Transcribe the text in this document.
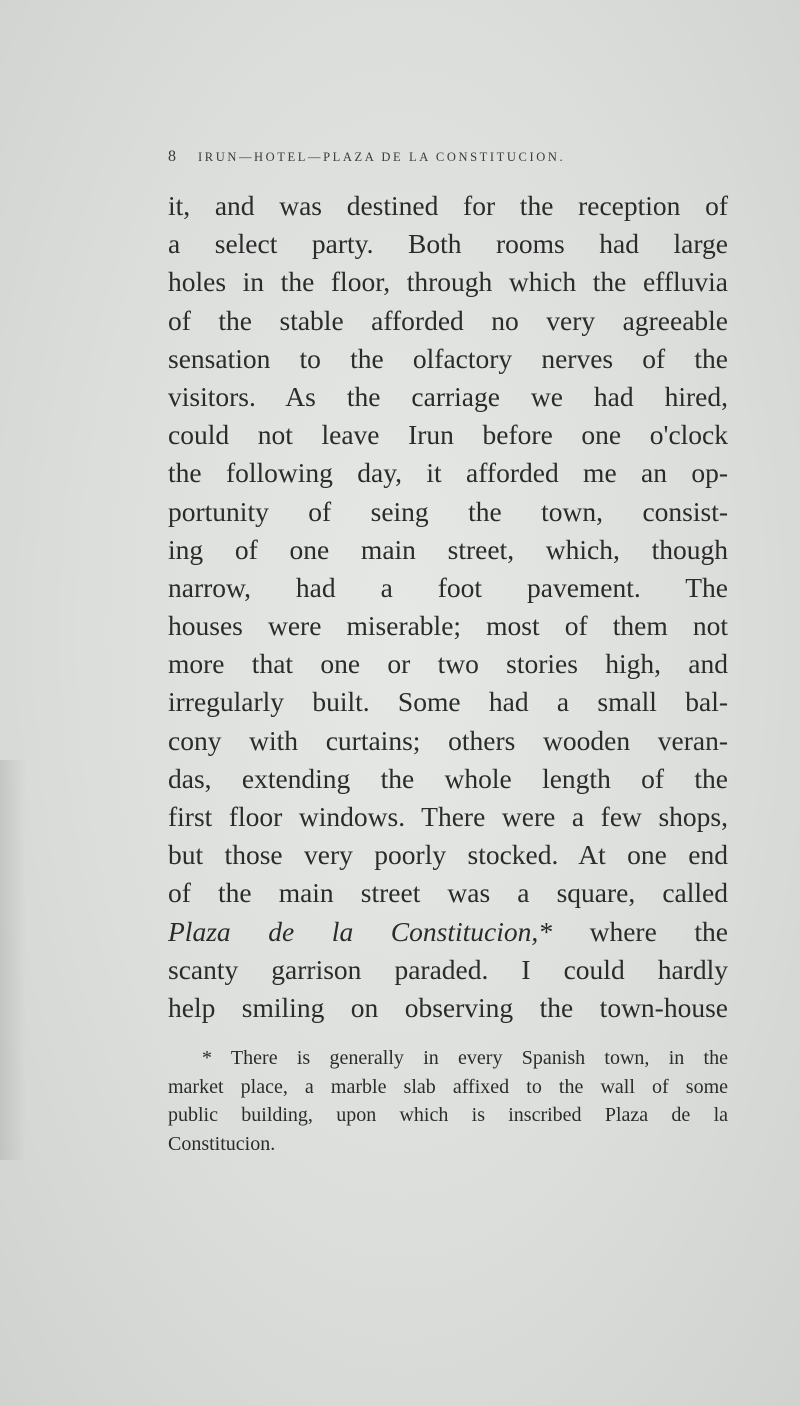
8 IRUN—HOTEL—PLAZA DE LA CONSTITUCION.
it, and was destined for the reception of
a select party. Both rooms had large
holes in the floor, through which the effluvia
of the stable afforded no very agreeable
sensation to the olfactory nerves of the
visitors. As the carriage we had hired,
could not leave Irun before one o'clock
the following day, it afforded me an op-
portunity of seing the town, consist-
ing of one main street, which, though
narrow, had a foot pavement. The
houses were miserable; most of them not
more that one or two stories high, and
irregularly built. Some had a small bal-
cony with curtains; others wooden veran-
das, extending the whole length of the
first floor windows. There were a few shops,
but those very poorly stocked. At one end
of the main street was a square, called
Plaza de la Constitucion,* where the
scanty garrison paraded. I could hardly
help smiling on observing the town-house
* There is generally in every Spanish town, in the
market place, a marble slab affixed to the wall of some
public building, upon which is inscribed Plaza de la
Constitucion.
